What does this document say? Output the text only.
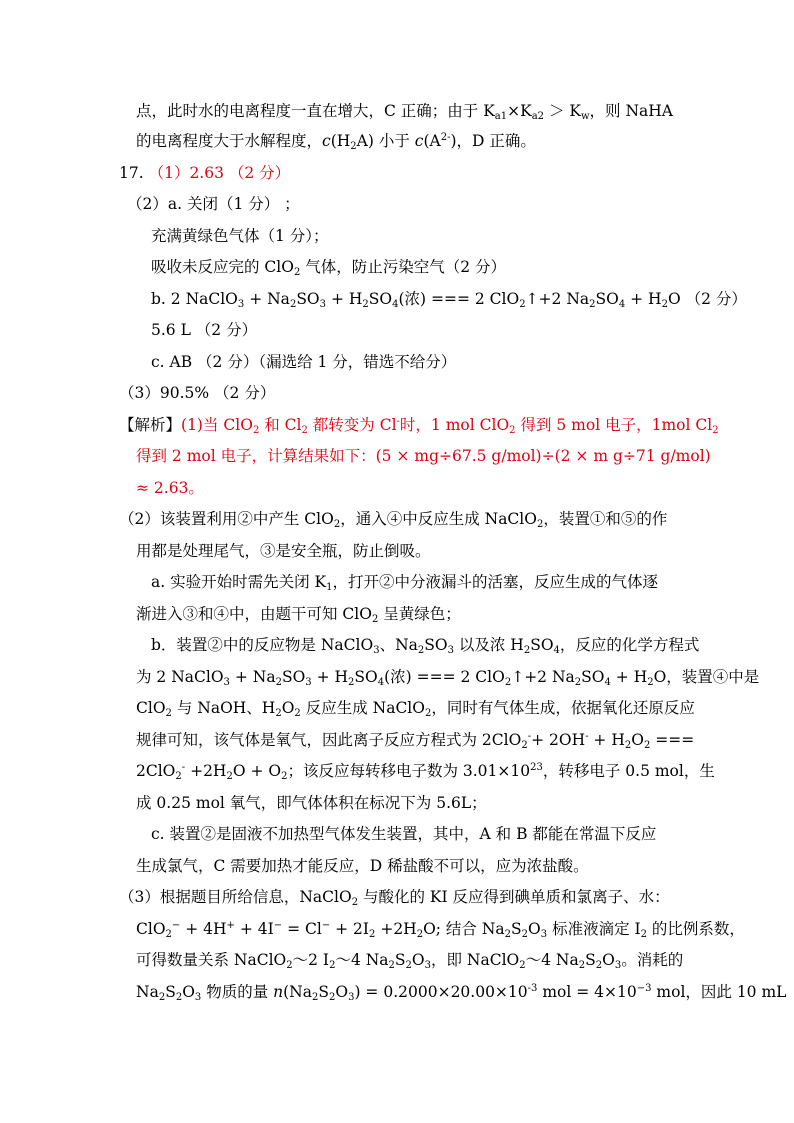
点，此时水的电离程度一直在增大，C 正确；由于 $K_{a1}\times K_{a2} > K_w$，则 NaHA
的电离程度大于水解程度，$c(H_2A)$ 小于 $c(A^{2-})$，D 正确。
17. （1）2.63 （2 分）
（2）a. 关闭（1 分） ；
充满黄绿色气体（1 分）；
吸收未反应完的 ClO$_2$ 气体，防止污染空气（2 分）
b. 2 NaClO$_3$ + $Na_2SO_3 + H_2SO_4$(浓) === 2 ClO$_2$↑+2 $Na_2SO_4 + H_2O$ （2 分）
5.6 L （2 分）
c. AB （2 分）（漏选给 1 分，错选不给分）
（3）90.5% （2 分）
【解析】(1)当 ClO$_2$ 和 $Cl_2$ 都转变为 Cl-时，1 mol ClO$_2$ 得到 5 mol 电子，1mol $Cl_2$
得到 2 mol 电子，计算结果如下：(5 × mg÷67.5 g/mol)÷(2 × m g÷71 g/mol)
≈ 2.63。
（2）该装置利用②中产生 ClO$_2$，通入④中反应生成 NaClO$_2$，装置①和⑤的作
用都是处理尾气，③是安全瓶，防止倒吸。
a. 实验开始时需先关闭 $K_1$，打开②中分液漏斗的活塞，反应生成的气体逐
渐进入③和④中，由题干可知 ClO$_2$ 呈黄绿色；
b．装置②中的反应物是 NaClO$_3$、$Na_2SO_3$ 以及浓 $H_2SO_4$，反应的化学方程式
为 2 NaClO$_3$ + $Na_2SO_3 + H_2SO_4$(浓) === 2 ClO$_2$↑+2 $Na_2SO_4 + H_2O$，装置④中是
ClO$_2$ 与 NaOH、$H_2O_2$ 反应生成 NaClO$_2$，同时有气体生成，依据氧化还原反应
规律可知，该气体是氧气，因此离子反应方程式为 $2ClO_2^-+ 2OH^- + H_2O_2$ ===
$2ClO_2^- +2H_2O + O_2$；该反应每转移电子数为 $3.01\times 10^{23}$，转移电子 0.5 mol，生
成 0.25 mol 氧气，即气体体积在标况下为 5.6L；
c. 装置②是固液不加热型气体发生装置，其中，A 和 B 都能在常温下反应
生成氯气，C 需要加热才能反应，D 稀盐酸不可以，应为浓盐酸。
（3）根据题目所给信息，NaClO$_2$ 与酸化的 KI 反应得到碘单质和氯离子、水：
$ClO_2^- + 4H^+ + 4I^- = Cl^- + 2I_2 +2H_2O$; 结合 $Na_2S_2O_3$ 标准液滴定 $I_2$ 的比例系数，
可得数量关系 NaClO$_2$～2 $I_2\sim 4$ $Na_2S_2O_3$，即 NaClO$_2$～4 $Na_2S_2O_3$。消耗的
$Na_2S_2O_3$ 物质的量 $n(Na_2S_2O_3) = 0.2000\times 20.00\times 10^{-3}$ mol = $4\times 10^{-3}$ mol，因此 10 mL
